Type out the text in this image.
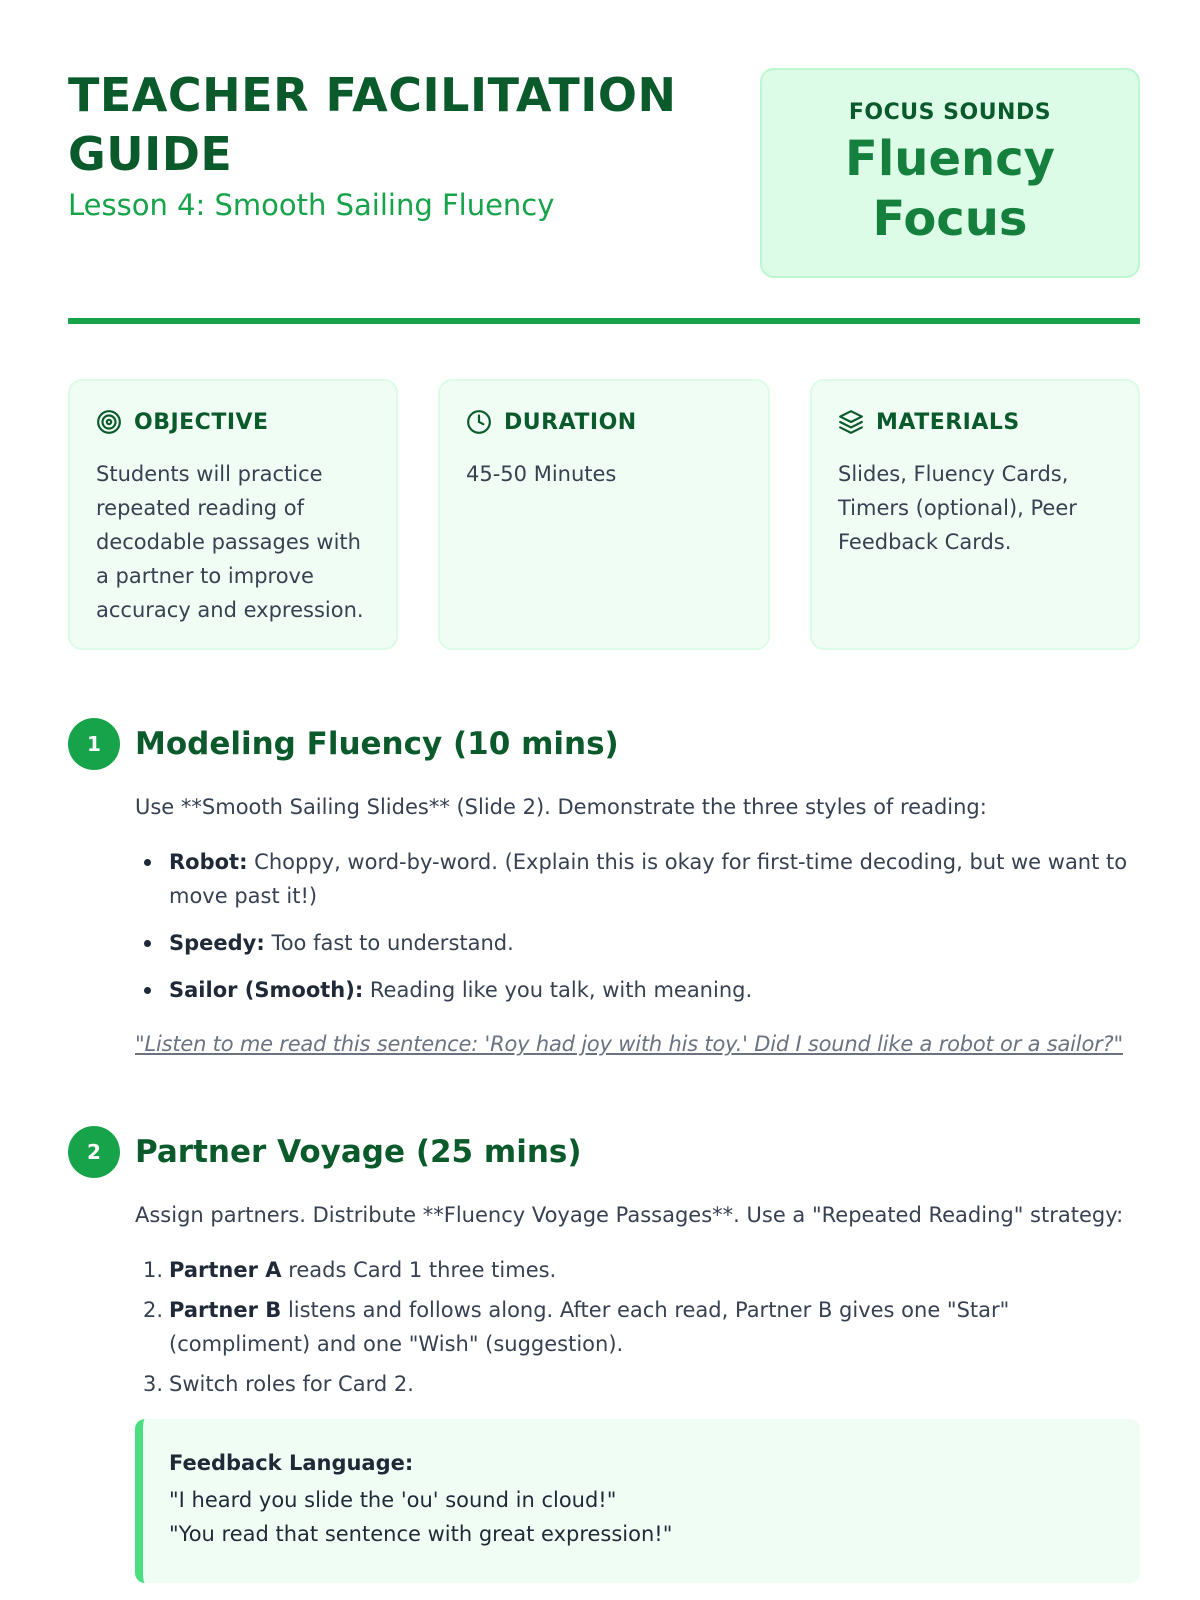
TEACHER FACILITATION GUIDE
Lesson 4: Smooth Sailing Fluency
FOCUS SOUNDS
Fluency Focus
OBJECTIVE
Students will practice repeated reading of decodable passages with a partner to improve accuracy and expression.
DURATION
45-50 Minutes
MATERIALS
Slides, Fluency Cards, Timers (optional), Peer Feedback Cards.
1	Modeling Fluency (10 mins)

Use **Smooth Sailing Slides** (Slide 2). Demonstrate the three styles of reading:

Robot: Choppy, word-by-word. (Explain this is okay for first-time decoding, but we want to move past it!)
Speedy: Too fast to understand.
Sailor (Smooth): Reading like you talk, with meaning.

"Listen to me read this sentence: 'Roy had joy with his toy.' Did I sound like a robot or a sailor?"

2	Partner Voyage (25 mins)

Assign partners. Distribute **Fluency Voyage Passages**. Use a "Repeated Reading" strategy:

1. Partner A reads Card 1 three times.
2. Partner B listens and follows along. After each read, Partner B gives one "Star" (compliment) and one "Wish" (suggestion).
3. Switch roles for Card 2.
Feedback Language:
"I heard you slide the 'ou' sound in cloud!"
"You read that sentence with great expression!"
